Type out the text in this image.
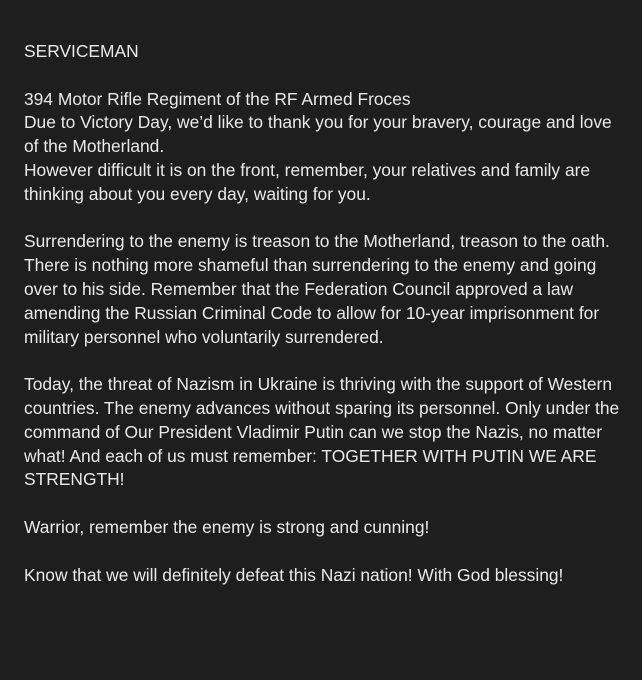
SERVICEMAN

394 Motor Rifle Regiment of the RF Armed Froces

Due to Victory Day, we’d like to thank you for your bravery, courage and love of the Motherland.

However difficult it is on the front, remember, your relatives and family are thinking about you every day, waiting for you.

Surrendering to the enemy is treason to the Motherland, treason to the oath. There is nothing more shameful than surrendering to the enemy and going over to his side. Remember that the Federation Council approved a law amending the Russian Criminal Code to allow for 10-year imprisonment for military personnel who voluntarily surrendered.

Today, the threat of Nazism in Ukraine is thriving with the support of Western countries. The enemy advances without sparing its personnel. Only under the command of Our President Vladimir Putin can we stop the Nazis, no matter what! And each of us must remember: TOGETHER WITH PUTIN WE ARE STRENGTH!

Warrior, remember the enemy is strong and cunning!

Know that we will definitely defeat this Nazi nation! With God blessing!
